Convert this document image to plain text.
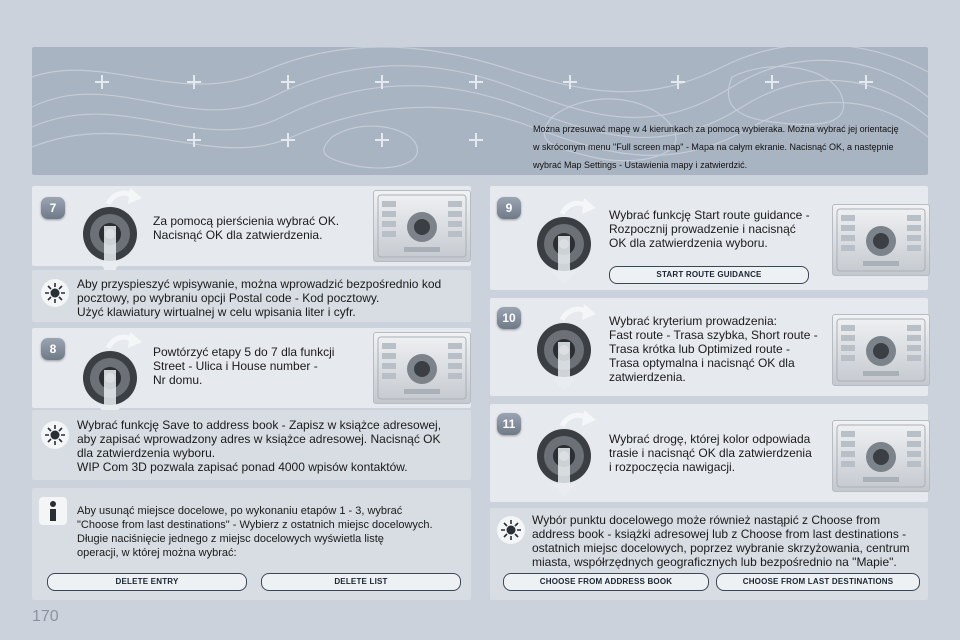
Można przesuwać mapę w 4 kierunkach za pomocą wybieraka. Można wybrać jej orientację
w skróconym menu "Full screen map" - Mapa na całym ekranie. Nacisnąć OK, a następnie
wybrać Map Settings - Ustawienia mapy i zatwierdzić.
7
Za pomocą pierścienia wybrać OK.
Nacisnąć OK dla zatwierdzenia.
Aby przyspieszyć wpisywanie, można wprowadzić bezpośrednio kod
pocztowy, po wybraniu opcji Postal code - Kod pocztowy.
Użyć klawiatury wirtualnej w celu wpisania liter i cyfr.
8	Powtórzyć etapy 5 do 7 dla funkcji
Street - Ulica i House number -
Nr domu.
Wybrać funkcję Save to address book - Zapisz w książce adresowej,
aby zapisać wprowadzony adres w książce adresowej. Nacisnąć OK
dla zatwierdzenia wyboru.
WIP Com 3D pozwala zapisać ponad 4000 wpisów kontaktów.
Aby usunąć miejsce docelowe, po wykonaniu etapów 1 - 3, wybrać
"Choose from last destinations" - Wybierz z ostatnich miejsc docelowych.
Długie naciśnięcie jednego z miejsc docelowych wyświetla listę
operacji, w której można wybrać:
DELETE ENTRY	DELETE LIST
9	Wybrać funkcję Start route guidance -
Rozpocznij prowadzenie i nacisnąć
OK dla zatwierdzenia wyboru.
START ROUTE GUIDANCE
10	Wybrać kryterium prowadzenia:
Fast route - Trasa szybka, Short route -
Trasa krótka lub Optimized route -
Trasa optymalna i nacisnąć OK dla
zatwierdzenia.
11
Wybrać drogę, której kolor odpowiada
trasie i nacisnąć OK dla zatwierdzenia
i rozpoczęcia nawigacji.
Wybór punktu docelowego może również nastąpić z Choose from
address book - książki adresowej lub z Choose from last destinations -
ostatnich miejsc docelowych, poprzez wybranie skrzyżowania, centrum
miasta, współrzędnych geograficznych lub bezpośrednio na "Mapie".
CHOOSE FROM ADDRESS BOOK	CHOOSE FROM LAST DESTINATIONS
170
